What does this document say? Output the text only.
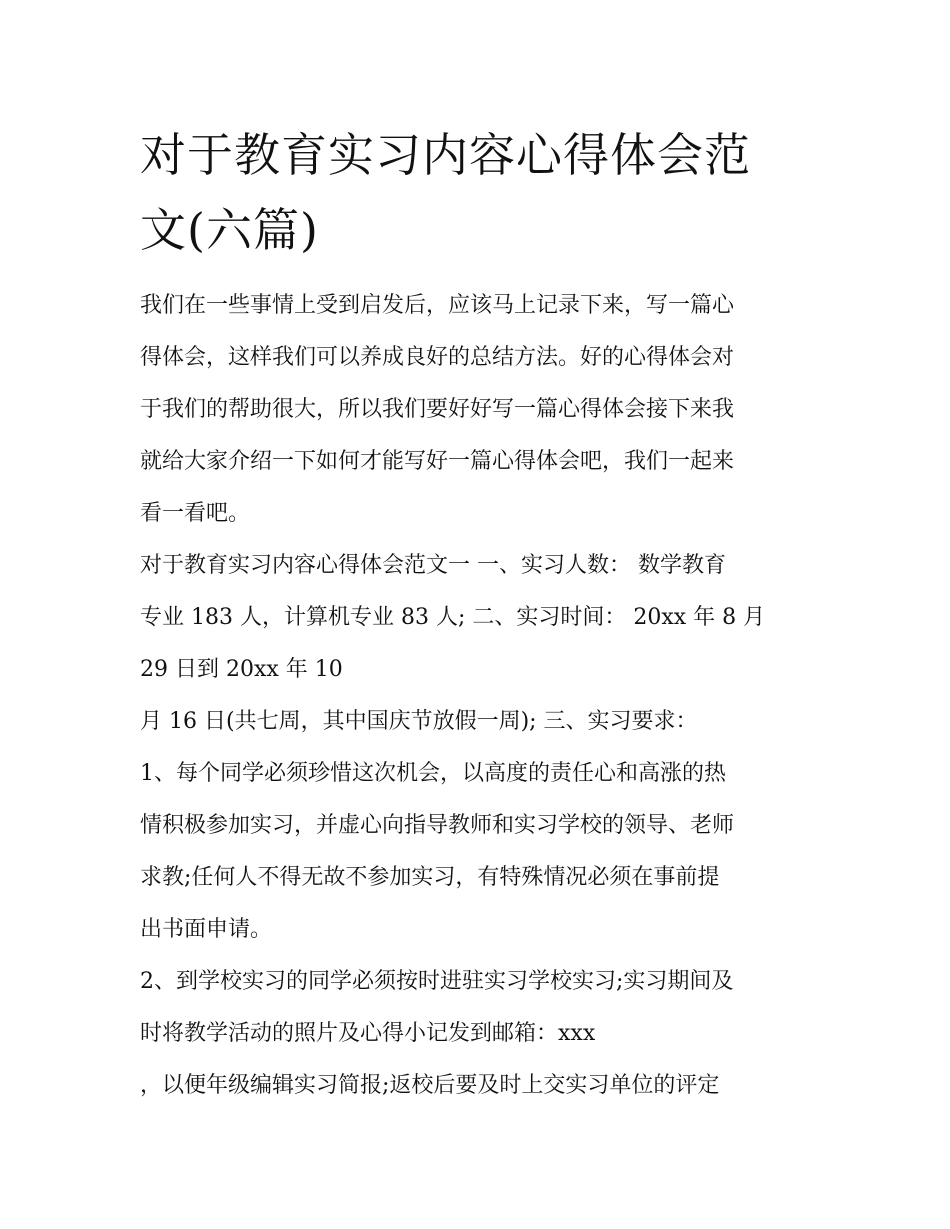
对于教育实习内容心得体会范
文(六篇)
我们在一些事情上受到启发后，应该马上记录下来，写一篇心
得体会，这样我们可以养成良好的总结方法。好的心得体会对
于我们的帮助很大，所以我们要好好写一篇心得体会接下来我
就给大家介绍一下如何才能写好一篇心得体会吧，我们一起来
看一看吧。
对于教育实习内容心得体会范文一 一、实习人数： 数学教育
专业 183 人，计算机专业 83 人; 二、实习时间： 20xx 年 8 月
29 日到 20xx 年 10
月 16 日(共七周，其中国庆节放假一周); 三、实习要求：
1、每个同学必须珍惜这次机会，以高度的责任心和高涨的热
情积极参加实习，并虚心向指导教师和实习学校的领导、老师
求教;任何人不得无故不参加实习，有特殊情况必须在事前提
出书面申请。
2、到学校实习的同学必须按时进驻实习学校实习;实习期间及
时将教学活动的照片及心得小记发到邮箱：xxx
，以便年级编辑实习简报;返校后要及时上交实习单位的评定
